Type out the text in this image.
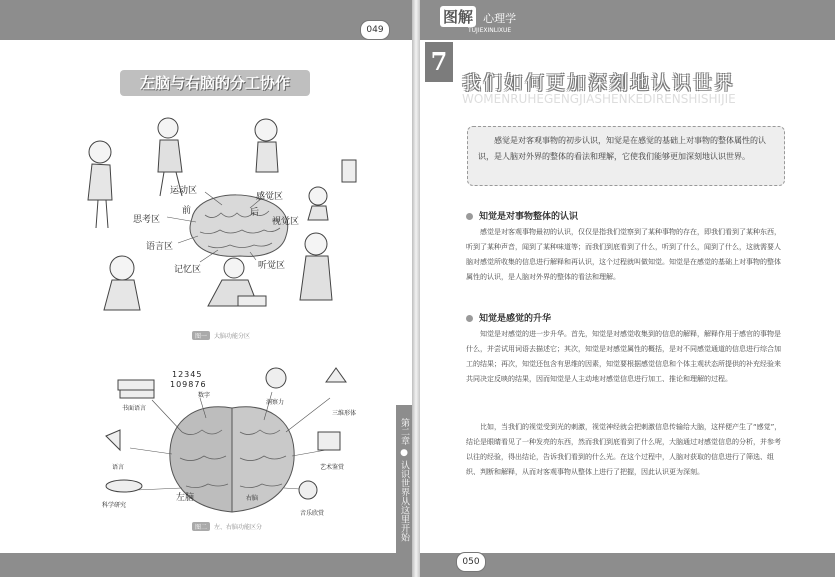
049
左脑与右脑的分工协作
运动区
感觉区
前	后
思考区	视觉区
语言区
记忆区	听觉区
图一 大脑功能分区
12345
109876
数字
书面语言
洞察力
三维形体
语言	艺术鉴赏
左脑	右脑
科学研究
音乐欣赏
图二 左、右脑功能区分	第二章 ● 认识世界从这里开始
050
图解 心理学
TUJIEXINLIXUE
7
我们如何更加深刻地认识世界
WOMENRUHEGENGJIASHENKEDIRENSHISHIJIE
感觉是对客观事物的初步认识，知觉是在感觉的基础上对事物的整体属性的认识，是人脑对外界的整体的看法和理解，它使我们能够更加深刻地认识世界。
知觉是对事物整体的认识
感觉是对客观事物最初的认识，仅仅是指我们觉察到了某种事物的存在，即我们看到了某种东西，听到了某种声音，闻到了某种味道等；而我们到底看到了什么，听到了什么，闻到了什么，这就需要人脑对感觉所收集的信息进行解释和再认识，这个过程就叫做知觉。知觉是在感觉的基础上对事物的整体属性的认识，是人脑对外界的整体的看法和理解。
知觉是感觉的升华
知觉是对感觉的进一步升华。首先，知觉是对感觉收集到的信息的解释，解释作用于感官的事物是什么，并尝试用词语去描述它；其次，知觉是对感觉属性的概括，是对不同感觉通道的信息进行综合加工的结果；再次，知觉还包含有思维的因素，知觉要根据感觉信息和个体主观状态所提供的补充经验来共同决定反映的结果，因而知觉是人主动地对感觉信息进行加工、推论和理解的过程。
比如，当我们的视觉受到光的刺激，视觉神经就会把刺激信息传输给大脑，这样便产生了“感觉”，结论是眼睛看见了一种发亮的东西，然而我们到底看到了什么呢，大脑通过对感觉信息的分析，并参考以往的经验，得出结论，告诉我们看到的什么光。在这个过程中，人脑对获取的信息进行了筛选、组织、判断和解释，从而对客观事物从整体上进行了把握，因此认识更为深刻。
